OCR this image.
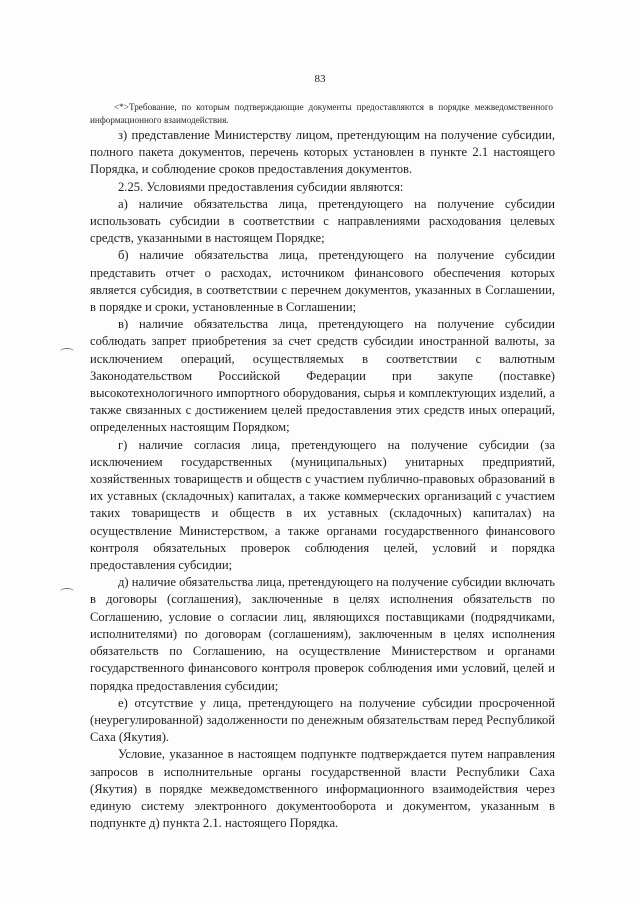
83
<*>Требование, по которым подтверждающие документы предоставляются в порядке межведомственного информационного взаимодействия.

з) представление Министерству лицом, претендующим на получение субсидии, полного пакета документов, перечень которых установлен в пункте 2.1 настоящего Порядка, и соблюдение сроков предоставления документов.

2.25. Условиями предоставления субсидии являются:

а) наличие обязательства лица, претендующего на получение субсидии использовать субсидии в соответствии с направлениями расходования целевых средств, указанными в настоящем Порядке;

б) наличие обязательства лица, претендующего на получение субсидии представить отчет о расходах, источником финансового обеспечения которых является субсидия, в соответствии с перечнем документов, указанных в Соглашении, в порядке и сроки, установленные в Соглашении;

в) наличие обязательства лица, претендующего на получение субсидии соблюдать запрет приобретения за счет средств субсидии иностранной валюты, за исключением операций, осуществляемых в соответствии с валютным Законодательством Российской Федерации при закупе (поставке) высокотехнологичного импортного оборудования, сырья и комплектующих изделий, а также связанных с достижением целей предоставления этих средств иных операций, определенных настоящим Порядком;

г) наличие согласия лица, претендующего на получение субсидии (за исключением государственных (муниципальных) унитарных предприятий, хозяйственных товариществ и обществ с участием публично-правовых образований в их уставных (складочных) капиталах, а также коммерческих организаций с участием таких товариществ и обществ в их уставных (складочных) капиталах) на осуществление Министерством, а также органами государственного финансового контроля обязательных проверок соблюдения целей, условий и порядка предоставления субсидии;

д) наличие обязательства лица, претендующего на получение субсидии включать в договоры (соглашения), заключенные в целях исполнения обязательств по Соглашению, условие о согласии лиц, являющихся поставщиками (подрядчиками, исполнителями) по договорам (соглашениям), заключенным в целях исполнения обязательств по Соглашению, на осуществление Министерством и органами государственного финансового контроля проверок соблюдения ими условий, целей и порядка предоставления субсидии;

е) отсутствие у лица, претендующего на получение субсидии просроченной (неурегулированной) задолженности по денежным обязательствам перед Республикой Саха (Якутия).

Условие, указанное в настоящем подпункте подтверждается путем направления запросов в исполнительные органы государственной власти Республики Саха (Якутия) в порядке межведомственного информационного взаимодействия через единую систему электронного документооборота и документом, указанным в подпункте д) пункта 2.1. настоящего Порядка.
